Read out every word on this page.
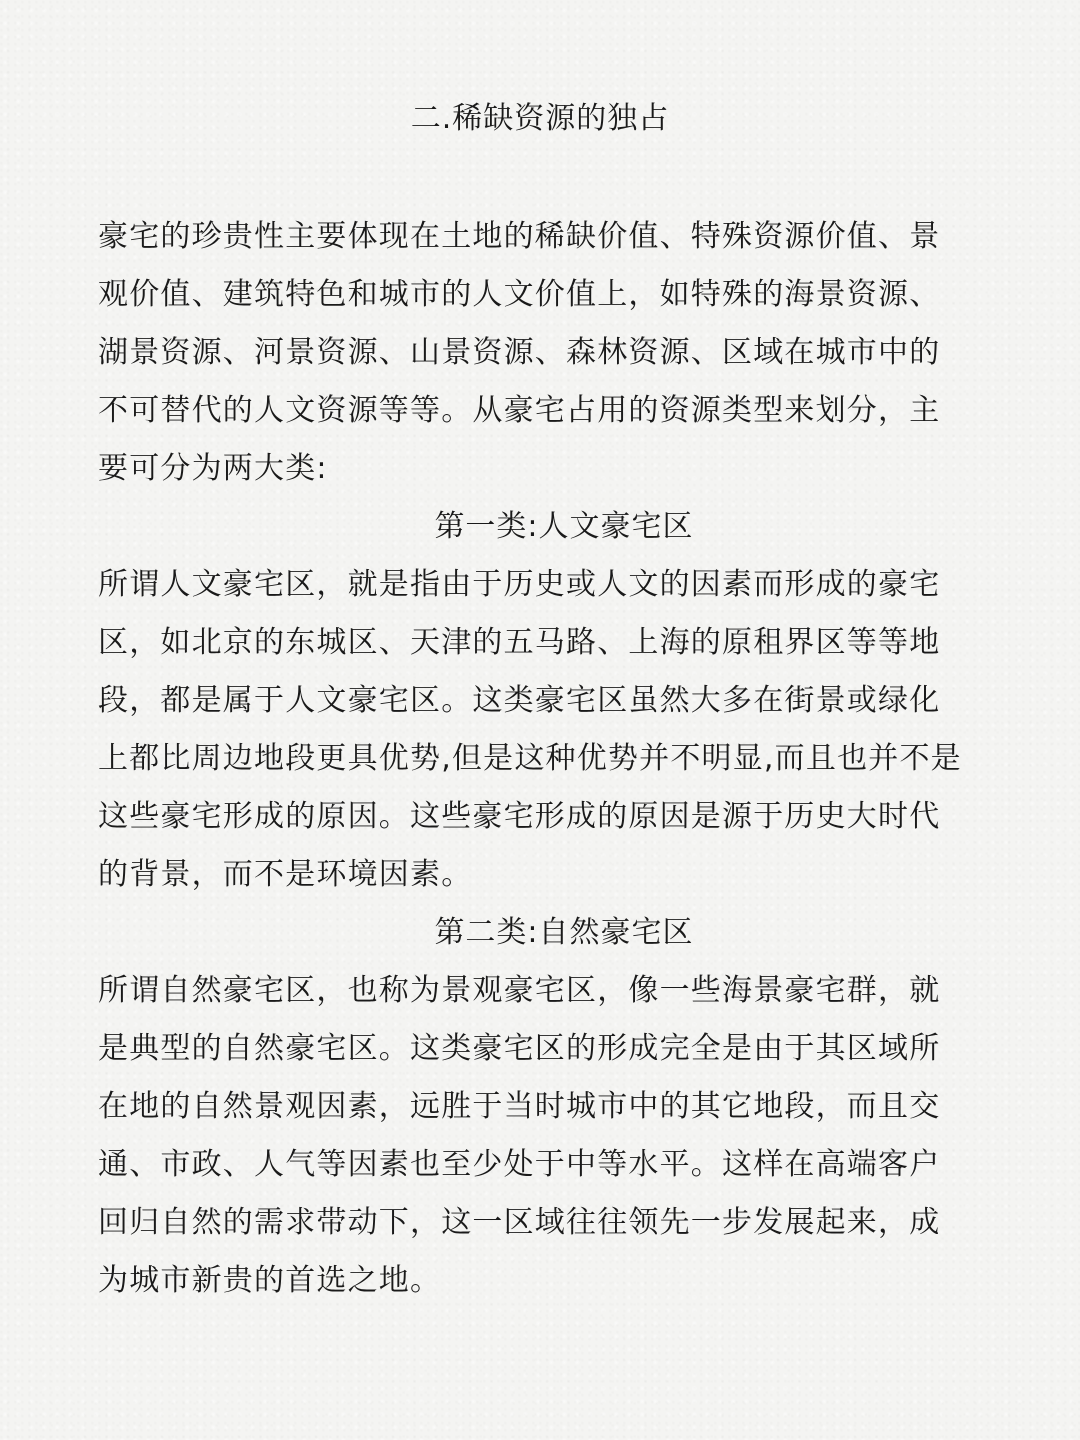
二.稀缺资源的独占

豪宅的珍贵性主要体现在土地的稀缺价值、特殊资源价值、景
观价值、建筑特色和城市的人文价值上，如特殊的海景资源、
湖景资源、河景资源、山景资源、森林资源、区域在城市中的
不可替代的人文资源等等。从豪宅占用的资源类型来划分，主
要可分为两大类:

第一类:人文豪宅区

所谓人文豪宅区，就是指由于历史或人文的因素而形成的豪宅
区，如北京的东城区、天津的五马路、上海的原租界区等等地
段，都是属于人文豪宅区。这类豪宅区虽然大多在街景或绿化
上都比周边地段更具优势,但是这种优势并不明显,而且也并不是
这些豪宅形成的原因。这些豪宅形成的原因是源于历史大时代
的背景，而不是环境因素。

第二类:自然豪宅区

所谓自然豪宅区，也称为景观豪宅区，像一些海景豪宅群，就
是典型的自然豪宅区。这类豪宅区的形成完全是由于其区域所
在地的自然景观因素，远胜于当时城市中的其它地段，而且交
通、市政、人气等因素也至少处于中等水平。这样在高端客户
回归自然的需求带动下，这一区域往往领先一步发展起来，成
为城市新贵的首选之地。
